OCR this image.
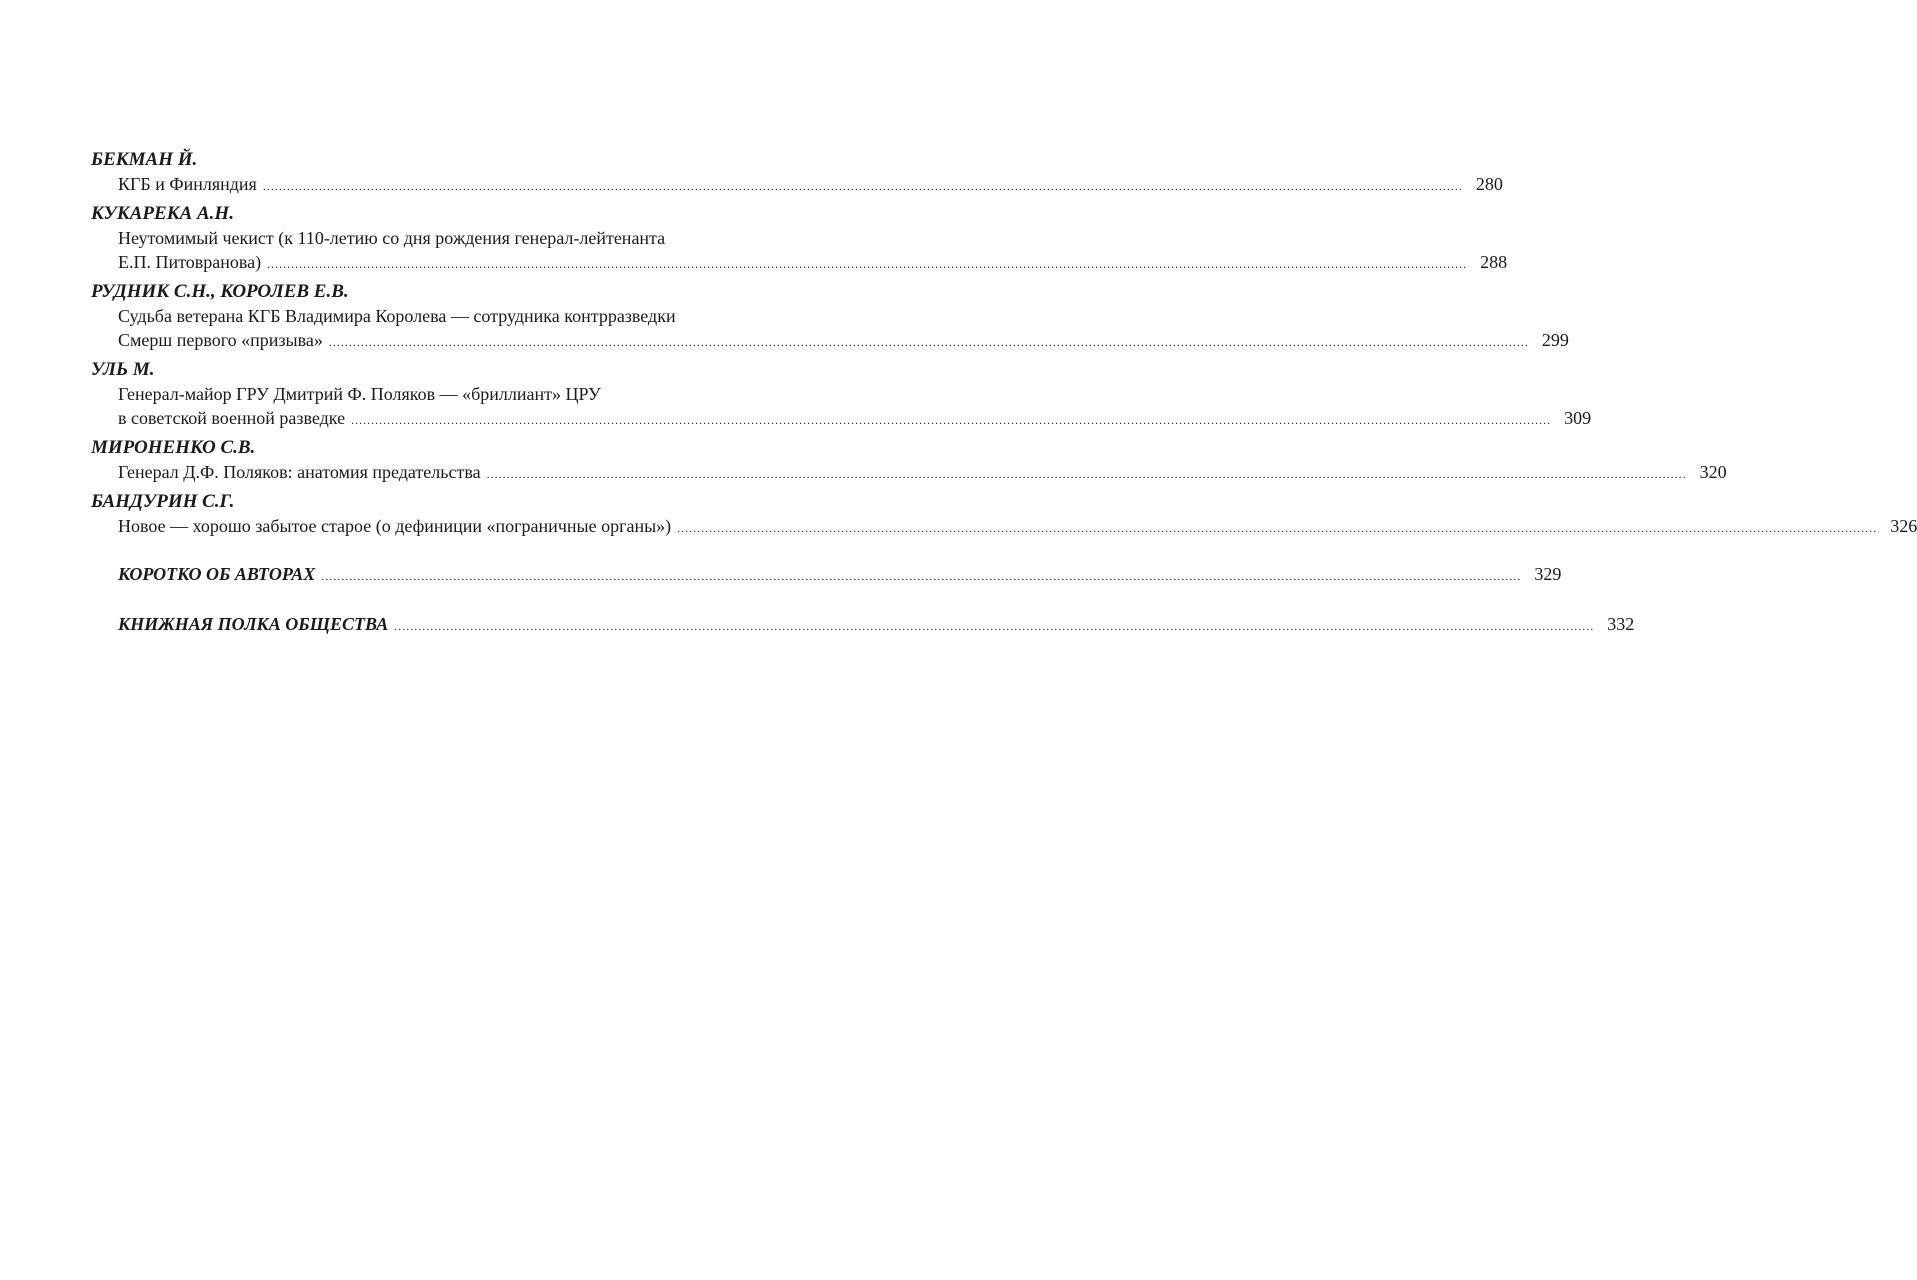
БЕКМАН Й.
КГБ и Финляндия ............................................................................................................................................................................................................................................................................................................ 280
КУКАРЕКА А.Н.
Неутомимый чекист (к 110-летию со дня рождения генерал-лейтенанта
Е.П. Питовранова) ............................................................................................................................................................................................................................................................................................................ 288
РУДНИК С.Н., КОРОЛЕВ Е.В.
Судьба ветерана КГБ Владимира Королева — сотрудника контрразведки
Смерш первого «призыва» ............................................................................................................................................................................................................................................................................................................ 299
УЛЬ М.
Генерал-майор ГРУ Дмитрий Ф. Поляков — «бриллиант» ЦРУ
в советской военной разведке ............................................................................................................................................................................................................................................................................................................ 309
МИРОНЕНКО С.В.
Генерал Д.Ф. Поляков: анатомия предательства ............................................................................................................................................................................................................................................................................................................ 320
БАНДУРИН С.Г.
Новое — хорошо забытое старое (о дефиниции «пограничные органы») ............................................................................................................................................................................................................................................................................................................ 326
КОРОТКО ОБ АВТОРАХ ............................................................................................................................................................................................................................................................................................................ 329
КНИЖНАЯ ПОЛКА ОБЩЕСТВА ............................................................................................................................................................................................................................................................................................................ 332
